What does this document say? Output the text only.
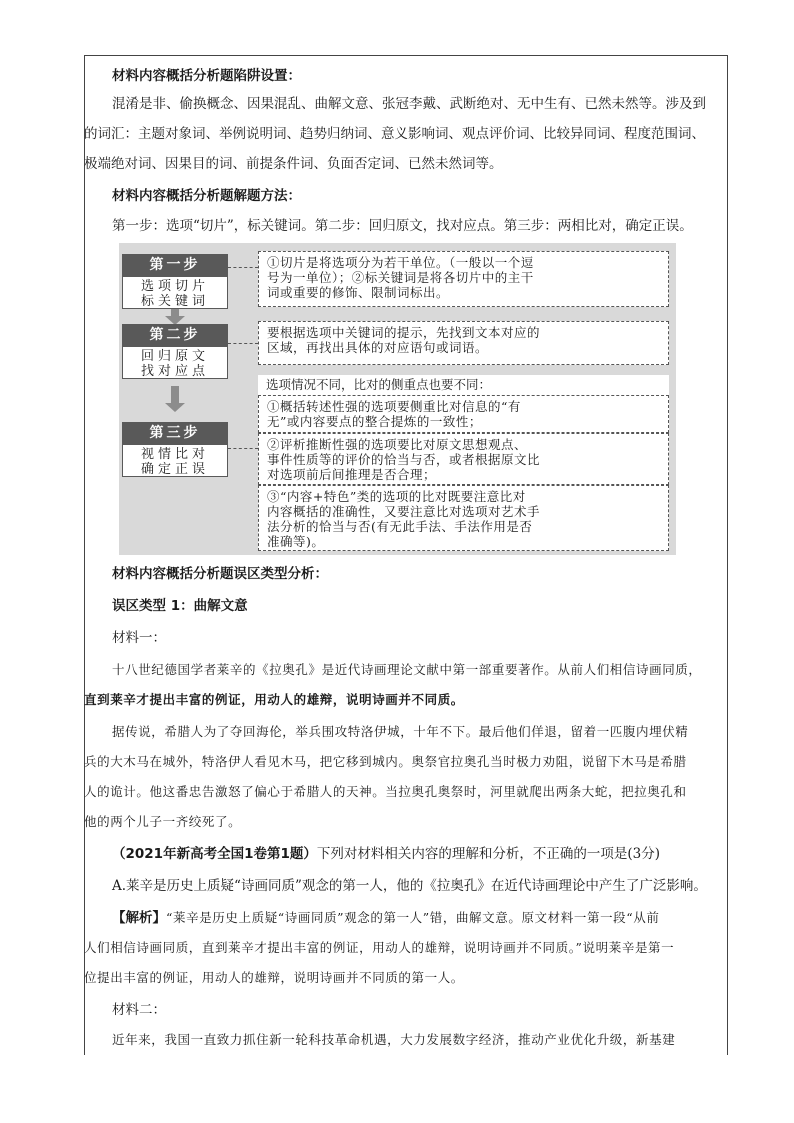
材料内容概括分析题陷阱设置：
混淆是非、偷换概念、因果混乱、曲解文意、张冠李戴、武断绝对、无中生有、已然未然等。涉及到
的词汇：主题对象词、举例说明词、趋势归纳词、意义影响词、观点评价词、比较异同词、程度范围词、
极端绝对词、因果目的词、前提条件词、负面否定词、已然未然词等。
材料内容概括分析题解题方法：
第一步：选项“切片”，标关键词。第二步：回归原文，找对应点。第三步：两相比对，确定正误。
第一步
选项切片
标关键词
①切片是将选项分为若干单位。（一般以一个逗
号为一单位）；②标关键词是将各切片中的主干
词或重要的修饰、限制词标出。
第二步
回归原文
找对应点
要根据选项中关键词的提示，先找到文本对应的
区域，再找出具体的对应语句或词语。
第三步
视情比对
确定正误
选项情况不同，比对的侧重点也要不同：
①概括转述性强的选项要侧重比对信息的“有
无”或内容要点的整合提炼的一致性；
②评析推断性强的选项要比对原文思想观点、
事件性质等的评价的恰当与否，或者根据原文比
对选项前后间推理是否合理；
③“内容+特色”类的选项的比对既要注意比对
内容概括的准确性，又要注意比对选项对艺术手
法分析的恰当与否(有无此手法、手法作用是否
准确等)。
材料内容概括分析题误区类型分析：
误区类型 1：曲解文意
材料一：
十八世纪德国学者莱辛的《拉奥孔》是近代诗画理论文献中第一部重要著作。从前人们相信诗画同质，
直到莱辛才提出丰富的例证，用动人的雄辩，说明诗画并不同质。
据传说，希腊人为了夺回海伦，举兵围攻特洛伊城，十年不下。最后他们佯退，留着一匹腹内埋伏精
兵的大木马在城外，特洛伊人看见木马，把它移到城内。奥祭官拉奥孔当时极力劝阻，说留下木马是希腊
人的诡计。他这番忠告激怒了偏心于希腊人的天神。当拉奥孔奥祭时，河里就爬出两条大蛇，把拉奥孔和
他的两个儿子一齐绞死了。
（2021年新高考全国1卷第1题）下列对材料相关内容的理解和分析，不正确的一项是(3分)
A.莱辛是历史上质疑“诗画同质”观念的第一人，他的《拉奥孔》在近代诗画理论中产生了广泛影响。
【解析】“莱辛是历史上质疑“诗画同质”观念的第一人”错，曲解文意。原文材料一第一段“从前
人们相信诗画同质，直到莱辛才提出丰富的例证，用动人的雄辩，说明诗画并不同质。”说明莱辛是第一
位提出丰富的例证，用动人的雄辩，说明诗画并不同质的第一人。
材料二：
近年来，我国一直致力抓住新一轮科技革命机遇，大力发展数字经济，推动产业优化升级，新基建
